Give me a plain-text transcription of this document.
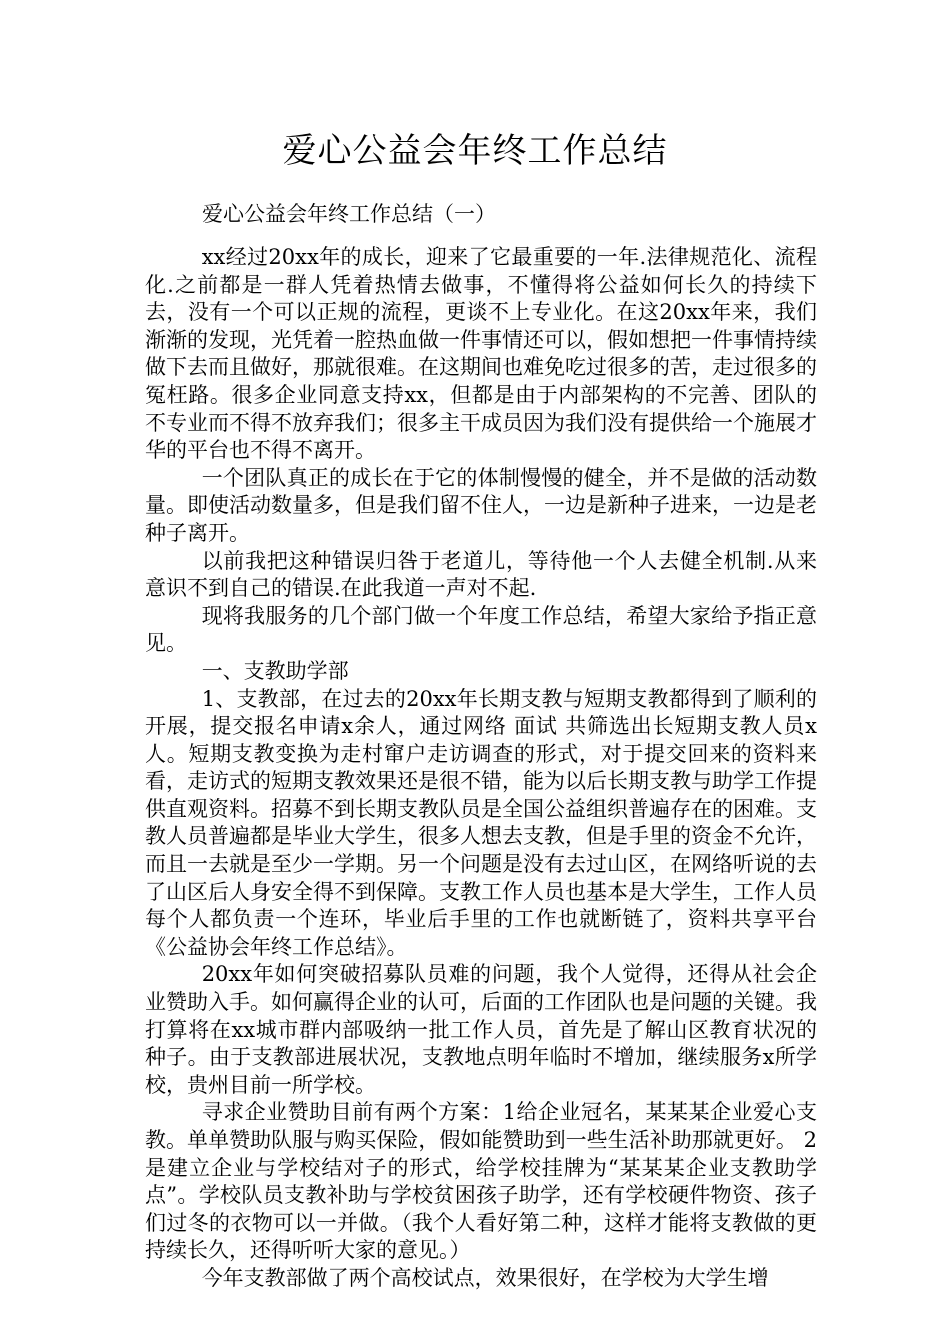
爱心公益会年终工作总结

爱心公益会年终工作总结（一）

xx经过20xx年的成长，迎来了它最重要的一年.法律规范化、流程化.之前都是一群人凭着热情去做事，不懂得将公益如何长久的持续下去，没有一个可以正规的流程，更谈不上专业化。在这20xx年来，我们渐渐的发现，光凭着一腔热血做一件事情还可以，假如想把一件事情持续做下去而且做好，那就很难。在这期间也难免吃过很多的苦，走过很多的冤枉路。很多企业同意支持xx，但都是由于内部架构的不完善、团队的不专业而不得不放弃我们；很多主干成员因为我们没有提供给一个施展才华的平台也不得不离开。

一个团队真正的成长在于它的体制慢慢的健全，并不是做的活动数量。即使活动数量多，但是我们留不住人，一边是新种子进来，一边是老种子离开。

以前我把这种错误归咎于老道儿，等待他一个人去健全机制.从来意识不到自己的错误.在此我道一声对不起.

现将我服务的几个部门做一个年度工作总结，希望大家给予指正意见。

一、支教助学部

1、支教部，在过去的20xx年长期支教与短期支教都得到了顺利的开展，提交报名申请x余人，通过网络 面试 共筛选出长短期支教人员x人。短期支教变换为走村窜户走访调查的形式，对于提交回来的资料来看，走访式的短期支教效果还是很不错，能为以后长期支教与助学工作提供直观资料。招募不到长期支教队员是全国公益组织普遍存在的困难。支教人员普遍都是毕业大学生，很多人想去支教，但是手里的资金不允许，而且一去就是至少一学期。另一个问题是没有去过山区，在网络听说的去了山区后人身安全得不到保障。支教工作人员也基本是大学生，工作人员每个人都负责一个连环，毕业后手里的工作也就断链了，资料共享平台《公益协会年终工作总结》。

20xx年如何突破招募队员难的问题，我个人觉得，还得从社会企业赞助入手。如何赢得企业的认可，后面的工作团队也是问题的关键。我打算将在xx城市群内部吸纳一批工作人员，首先是了解山区教育状况的种子。由于支教部进展状况，支教地点明年临时不增加，继续服务x所学校，贵州目前一所学校。

寻求企业赞助目前有两个方案：1给企业冠名，某某某企业爱心支教。单单赞助队服与购买保险，假如能赞助到一些生活补助那就更好。 2是建立企业与学校结对子的形式，给学校挂牌为“某某某企业支教助学点”。学校队员支教补助与学校贫困孩子助学，还有学校硬件物资、孩子们过冬的衣物可以一并做。（我个人看好第二种，这样才能将支教做的更持续长久，还得听听大家的意见。）

今年支教部做了两个高校试点，效果很好，在学校为大学生增
